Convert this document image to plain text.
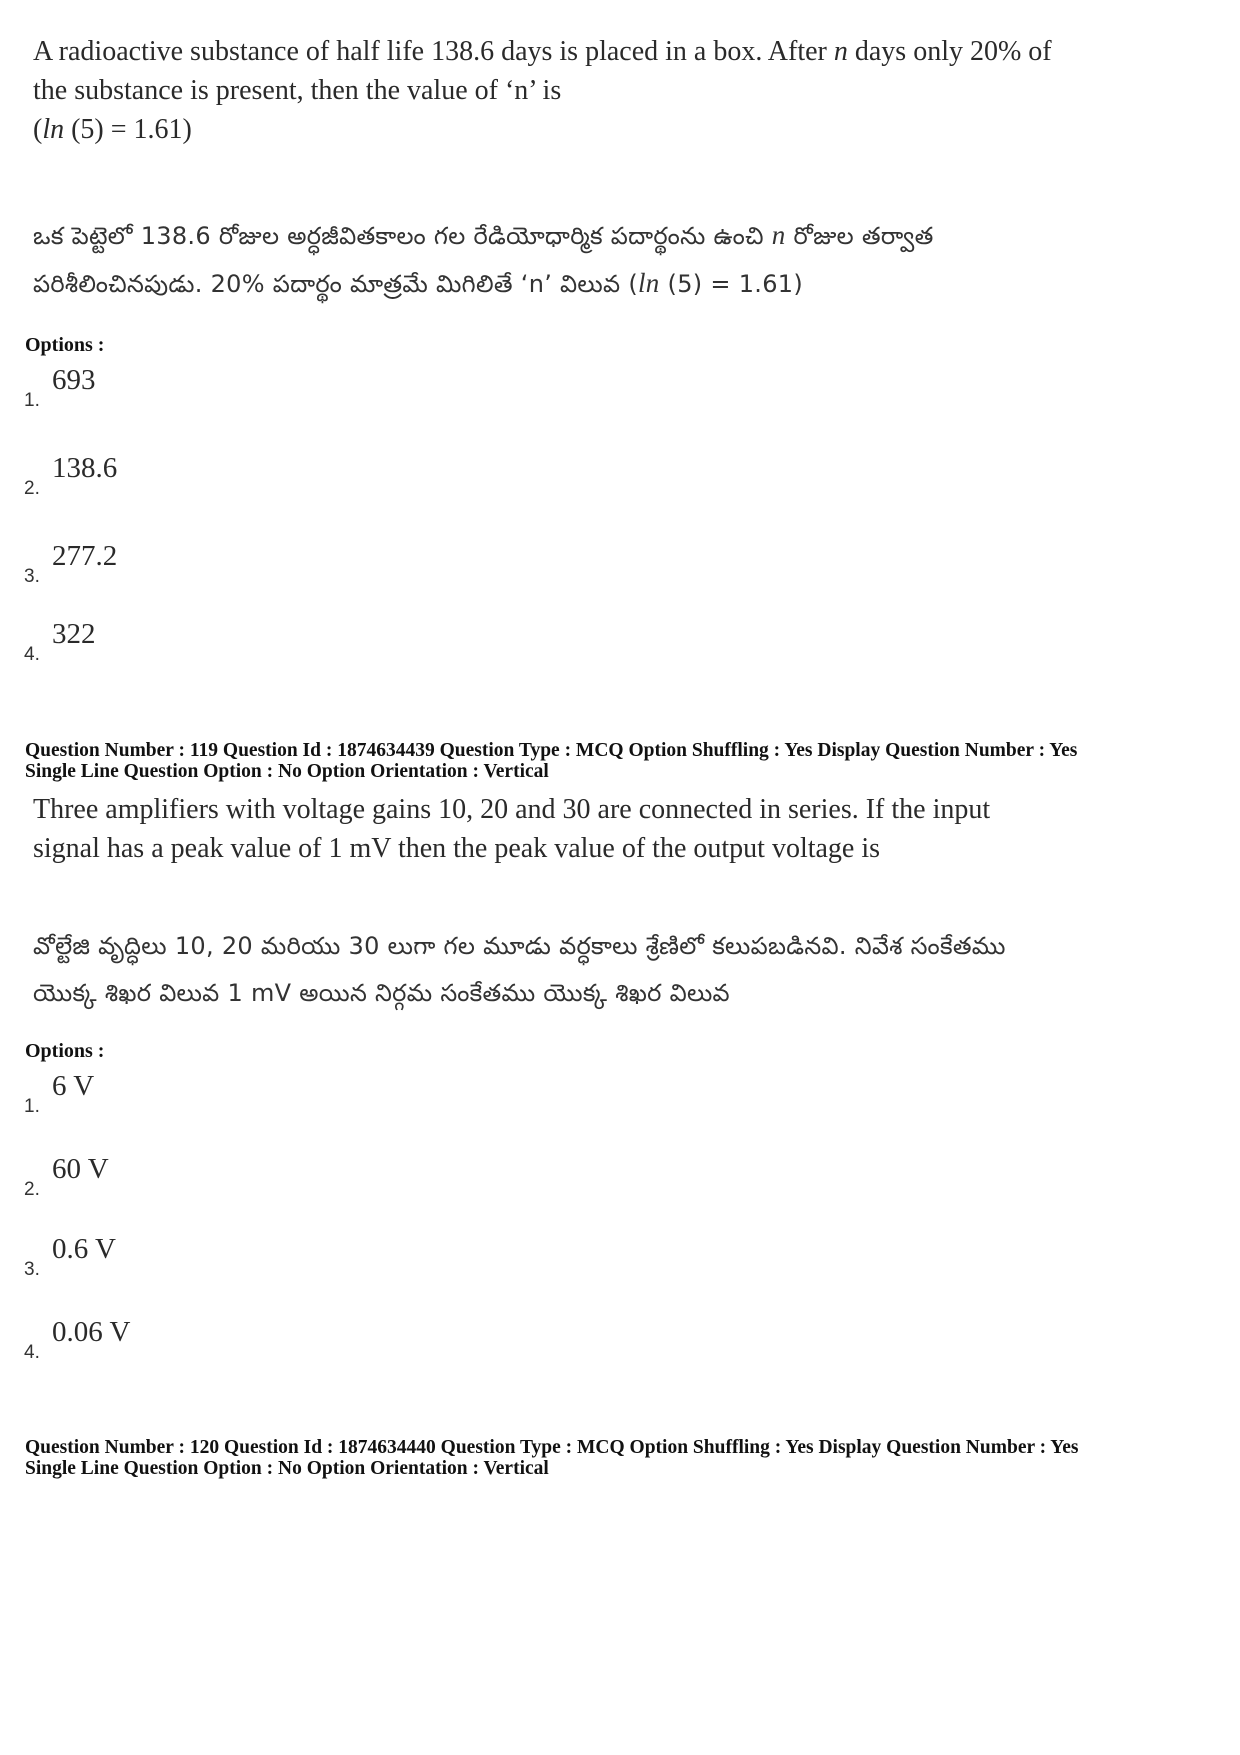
A radioactive substance of half life 138.6 days is placed in a box. After n days only 20% of
the substance is present, then the value of ‘n’ is
(ln (5) = 1.61)
ఒక పెట్టెలో 138.6 రోజుల అర్ధజీవితకాలం గల రేడియోధార్మిక పదార్థంను ఉంచి n రోజుల తర్వాత
పరిశీలించినపుడు. 20% పదార్థం మాత్రమే మిగిలితే ‘n’ విలువ (ln (5) = 1.61)
Options :
1.
693
2.
138.6
3.
277.2
4.
322
Question Number : 119 Question Id : 1874634439 Question Type : MCQ Option Shuffling : Yes Display Question Number : Yes
Single Line Question Option : No Option Orientation : Vertical
Three amplifiers with voltage gains 10, 20 and 30 are connected in series. If the input
signal has a peak value of 1 mV then the peak value of the output voltage is
వోల్టేజి వృద్ధిలు 10, 20 మరియు 30 లుగా గల మూడు వర్ధకాలు శ్రేణిలో కలుపబడినవి. నివేశ సంకేతము
యొక్క శిఖర విలువ 1 mV అయిన నిర్గమ సంకేతము యొక్క శిఖర విలువ
Options :
1.
6 V
2.
60 V
3.
0.6 V
4.
0.06 V
Question Number : 120 Question Id : 1874634440 Question Type : MCQ Option Shuffling : Yes Display Question Number : Yes
Single Line Question Option : No Option Orientation : Vertical
